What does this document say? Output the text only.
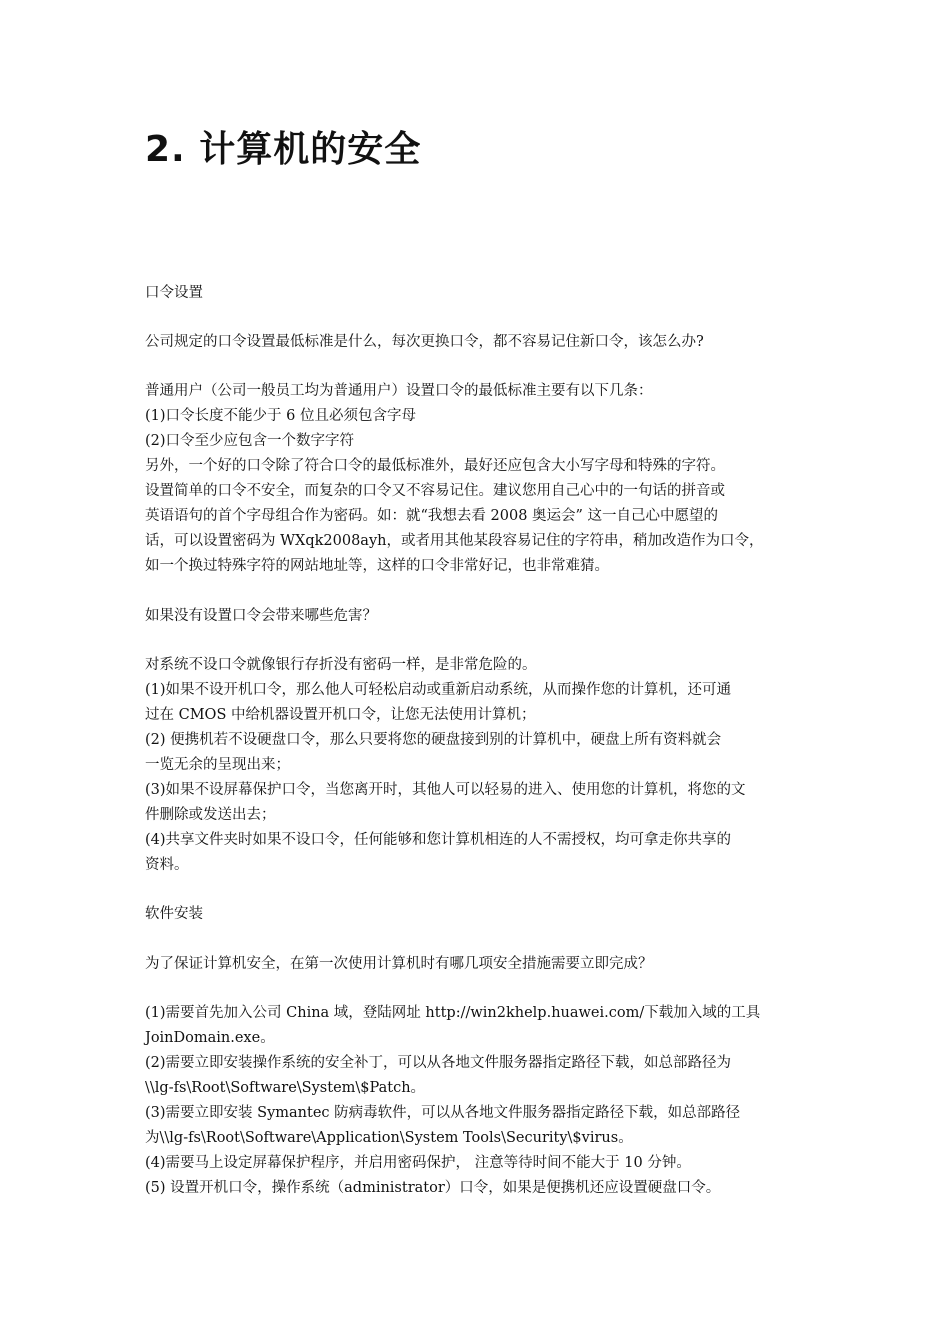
2. 计算机的安全

口令设置

公司规定的口令设置最低标准是什么，每次更换口令，都不容易记住新口令，该怎么办?

普通用户（公司一般员工均为普通用户）设置口令的最低标准主要有以下几条：

(1)口令长度不能少于 6 位且必须包含字母

(2)口令至少应包含一个数字字符

另外，一个好的口令除了符合口令的最低标准外，最好还应包含大小写字母和特殊的字符。

设置简单的口令不安全，而复杂的口令又不容易记住。建议您用自己心中的一句话的拼音或

英语语句的首个字母组合作为密码。如：就“我想去看 2008 奥运会” 这一自己心中愿望的

话，可以设置密码为 WXqk2008ayh，或者用其他某段容易记住的字符串，稍加改造作为口令，

如一个换过特殊字符的网站地址等，这样的口令非常好记，也非常难猜。

如果没有设置口令会带来哪些危害？

对系统不设口令就像银行存折没有密码一样，是非常危险的。

(1)如果不设开机口令，那么他人可轻松启动或重新启动系统，从而操作您的计算机，还可通

过在 CMOS 中给机器设置开机口令，让您无法使用计算机；

(2) 便携机若不设硬盘口令，那么只要将您的硬盘接到别的计算机中，硬盘上所有资料就会

一览无余的呈现出来；

(3)如果不设屏幕保护口令，当您离开时，其他人可以轻易的进入、使用您的计算机，将您的文

件删除或发送出去；

(4)共享文件夹时如果不设口令，任何能够和您计算机相连的人不需授权，均可拿走你共享的

资料。

软件安装

为了保证计算机安全，在第一次使用计算机时有哪几项安全措施需要立即完成？

(1)需要首先加入公司 China 域，登陆网址 http://win2khelp.huawei.com/下载加入域的工具

JoinDomain.exe。

(2)需要立即安装操作系统的安全补丁，可以从各地文件服务器指定路径下载，如总部路径为

\\lg-fs\Root\Software\System\$Patch。

(3)需要立即安装 Symantec 防病毒软件，可以从各地文件服务器指定路径下载，如总部路径

为\\lg-fs\Root\Software\Application\System Tools\Security\$virus。

(4)需要马上设定屏幕保护程序，并启用密码保护， 注意等待时间不能大于 10 分钟。

(5) 设置开机口令，操作系统（administrator）口令，如果是便携机还应设置硬盘口令。
